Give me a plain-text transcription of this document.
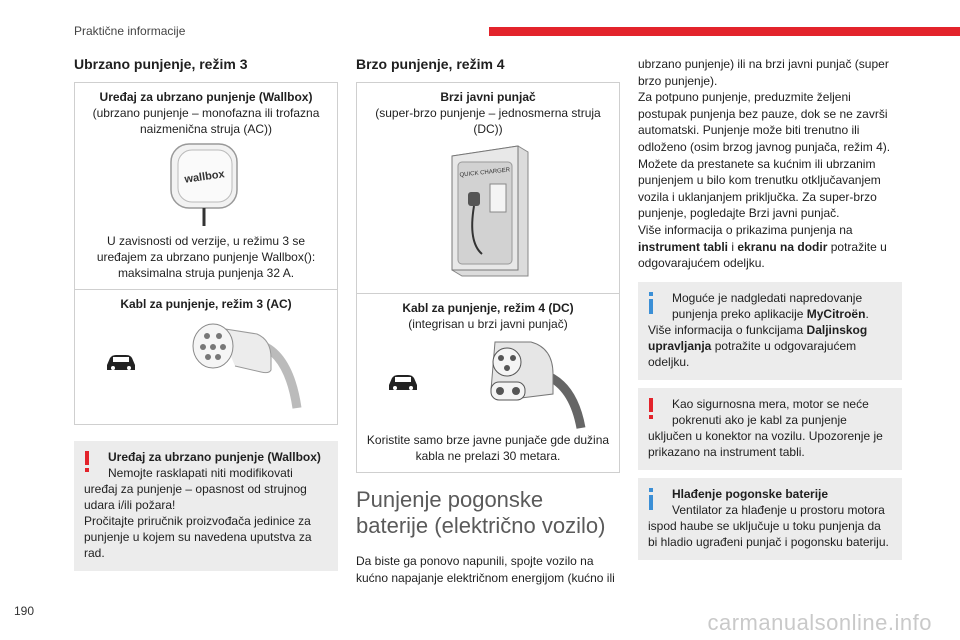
Praktične informacije
Ubrzano punjenje, režim 3
Uređaj za ubrzano punjenje (Wallbox)
(ubrzano punjenje – monofazna ili trofazna naizmenična struja (AC))
wallbox
U zavisnosti od verzije, u režimu 3 se uređajem za ubrzano punjenje Wallbox(): maksimalna struja punjenja 32 A.
Kabl za punjenje, režim 3 (AC)
Uređaj za ubrzano punjenje (Wallbox)
Nemojte rasklapati niti modifikovati
uređaj za punjenje – opasnost od strujnog udara i/ili požara!
Pročitajte priručnik proizvođača jedinice za punjenje u kojem su navedena uputstva za rad.
Brzo punjenje, režim 4
Brzi javni punjač
(super-brzo punjenje – jednosmerna struja (DC))
QUICK CHARGER
Kabl za punjenje, režim 4 (DC)
(integrisan u brzi javni punjač)
Koristite samo brze javne punjače gde dužina kabla ne prelazi 30 metara.
Punjenje pogonske baterije (električno vozilo)

Da biste ga ponovo napunili, spojte vozilo na kućno napajanje električnom energijom (kućno ili

ubrzano punjenje) ili na brzi javni punjač (super brzo punjenje).

Za potpuno punjenje, preduzmite željeni postupak punjenja bez pauze, dok se ne završi automatski. Punjenje može biti trenutno ili odloženo (osim brzog javnog punjača, režim 4).

Možete da prestanete sa kućnim ili ubrzanim punjenjem u bilo kom trenutku otključavanjem vozila i uklanjanjem priključka. Za super-brzo punjenje, pogledajte Brzi javni punjač.

Više informacija o prikazima punjenja na instrument tabli i ekranu na dodir potražite u odgovarajućem odeljku.

Moguće je nadgledati napredovanje punjenja preko aplikacije MyCitroën.
Više informacija o funkcijama Daljinskog upravljanja potražite u odgovarajućem odeljku.
Kao sigurnosna mera, motor se neće pokrenuti ako je kabl za punjenje
uključen u konektor na vozilu. Upozorenje je prikazano na instrument tabli.
Hlađenje pogonske baterije
Ventilator za hlađenje u prostoru motora
ispod haube se uključuje u toku punjenja da bi hladio ugrađeni punjač i pogonsku bateriju.
190	carmanualsonline.info
